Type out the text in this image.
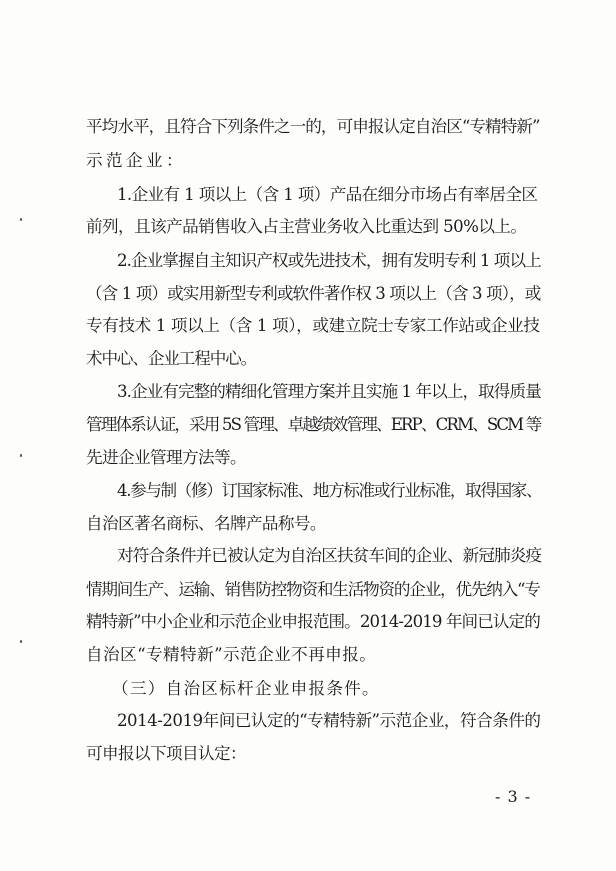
平均水平，且符合下列条件之一的，可申报认定自治区“专精特新”
示范企业：
1.企业有 1 项以上（含 1 项）产品在细分市场占有率居全区
前列，且该产品销售收入占主营业务收入比重达到 50%以上。
2.企业掌握自主知识产权或先进技术，拥有发明专利 1 项以上
（含 1 项）或实用新型专利或软件著作权 3 项以上（含 3 项），或
专有技术 1 项以上（含 1 项），或建立院士专家工作站或企业技
术中心、企业工程中心。
3.企业有完整的精细化管理方案并且实施 1 年以上，取得质量
管理体系认证，采用 5S 管理、卓越绩效管理、ERP、CRM、SCM 等
先进企业管理方法等。
4.参与制（修）订国家标准、地方标准或行业标准，取得国家、
自治区著名商标、名牌产品称号。
对符合条件并已被认定为自治区扶贫车间的企业、新冠肺炎疫
情期间生产、运输、销售防控物资和生活物资的企业，优先纳入“专
精特新”中小企业和示范企业申报范围。2014-2019 年间已认定的
自治区“专精特新”示范企业不再申报。
（三）自治区标杆企业申报条件。
2014-2019年间已认定的“专精特新”示范企业，符合条件的
可申报以下项目认定：
- 3 -
